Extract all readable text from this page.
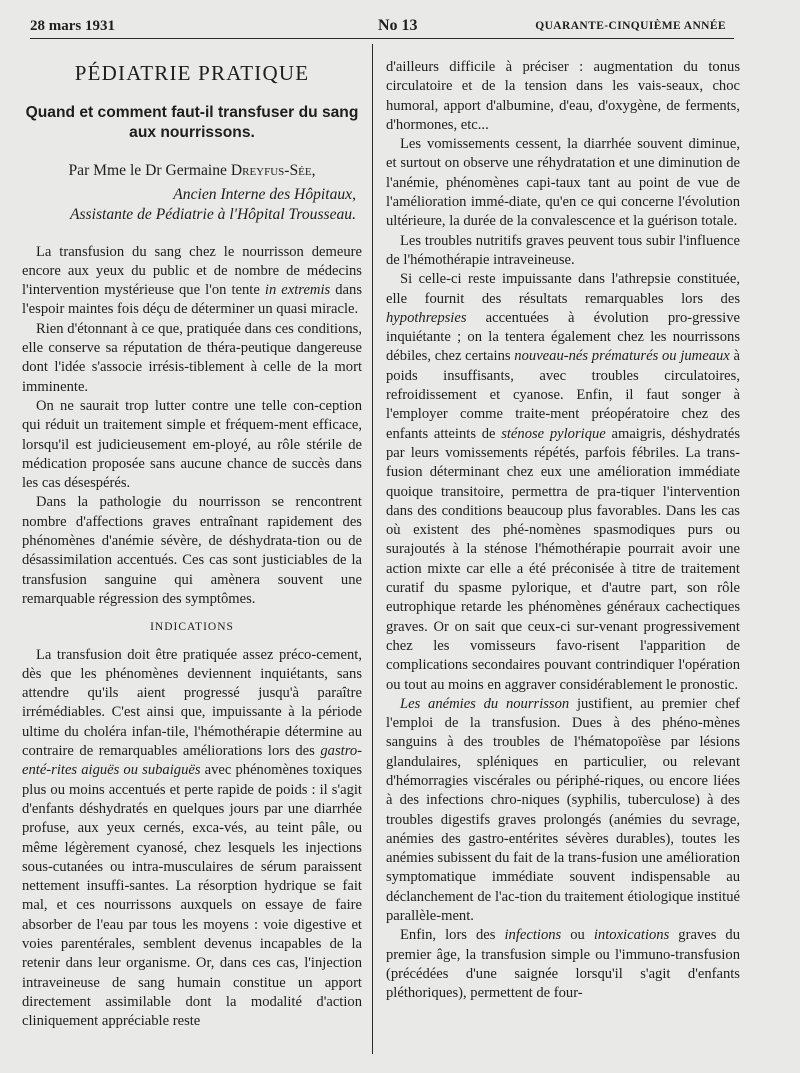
28 mars 1931	No 13	QUARANTE-CINQUIÈME ANNÉE
PÉDIATRIE PRATIQUE
Quand et comment faut-il transfuser du sang aux nourrissons.
Par Mme le Dr Germaine Dreyfus-Sée,
Ancien Interne des Hôpitaux,
Assistante de Pédiatrie à l'Hôpital Trousseau.

La transfusion du sang chez le nourrisson demeure encore aux yeux du public et de nombre de médecins l'intervention mystérieuse que l'on tente in extremis dans l'espoir maintes fois déçu de déterminer un quasi miracle.

Rien d'étonnant à ce que, pratiquée dans ces conditions, elle conserve sa réputation de théra-peutique dangereuse dont l'idée s'associe irrésis-tiblement à celle de la mort imminente.

On ne saurait trop lutter contre une telle con-ception qui réduit un traitement simple et fréquem-ment efficace, lorsqu'il est judicieusement em-ployé, au rôle stérile de médication proposée sans aucune chance de succès dans les cas désespérés.

Dans la pathologie du nourrisson se rencontrent nombre d'affections graves entraînant rapidement des phénomènes d'anémie sévère, de déshydrata-tion ou de désassimilation accentués. Ces cas sont justiciables de la transfusion sanguine qui amènera souvent une remarquable régression des symptômes.

INDICATIONS

La transfusion doit être pratiquée assez préco-cement, dès que les phénomènes deviennent inquiétants, sans attendre qu'ils aient progressé jusqu'à paraître irrémédiables. C'est ainsi que, impuissante à la période ultime du choléra infan-tile, l'hémothérapie détermine au contraire de remarquables améliorations lors des gastro-enté-rites aiguës ou subaiguës avec phénomènes toxiques plus ou moins accentués et perte rapide de poids : il s'agit d'enfants déshydratés en quelques jours par une diarrhée profuse, aux yeux cernés, exca-vés, au teint pâle, ou même légèrement cyanosé, chez lesquels les injections sous-cutanées ou intra-musculaires de sérum paraissent nettement insuffi-santes. La résorption hydrique se fait mal, et ces nourrissons auxquels on essaye de faire absorber de l'eau par tous les moyens : voie digestive et voies parentérales, semblent devenus incapables de la retenir dans leur organisme. Or, dans ces cas, l'injection intraveineuse de sang humain constitue un apport directement assimilable dont la modalité d'action cliniquement appréciable reste

d'ailleurs difficile à préciser : augmentation du tonus circulatoire et de la tension dans les vais-seaux, choc humoral, apport d'albumine, d'eau, d'oxygène, de ferments, d'hormones, etc...

Les vomissements cessent, la diarrhée souvent diminue, et surtout on observe une réhydratation et une diminution de l'anémie, phénomènes capi-taux tant au point de vue de l'amélioration immé-diate, qu'en ce qui concerne l'évolution ultérieure, la durée de la convalescence et la guérison totale.

Les troubles nutritifs graves peuvent tous subir l'influence de l'hémothérapie intraveineuse.

Si celle-ci reste impuissante dans l'athrepsie constituée, elle fournit des résultats remarquables lors des hypothrepsies accentuées à évolution pro-gressive inquiétante ; on la tentera également chez les nourrissons débiles, chez certains nouveau-nés prématurés ou jumeaux à poids insuffisants, avec troubles circulatoires, refroidissement et cyanose. Enfin, il faut songer à l'employer comme traite-ment préopératoire chez des enfants atteints de sténose pylorique amaigris, déshydratés par leurs vomissements répétés, parfois fébriles. La trans-fusion déterminant chez eux une amélioration immédiate quoique transitoire, permettra de pra-tiquer l'intervention dans des conditions beaucoup plus favorables. Dans les cas où existent des phé-nomènes spasmodiques purs ou surajoutés à la sténose l'hémothérapie pourrait avoir une action mixte car elle a été préconisée à titre de traitement curatif du spasme pylorique, et d'autre part, son rôle eutrophique retarde les phénomènes généraux cachectiques graves. Or on sait que ceux-ci sur-venant progressivement chez les vomisseurs favo-risent l'apparition de complications secondaires pouvant contrindiquer l'opération ou tout au moins en aggraver considérablement le pronostic.

Les anémies du nourrisson justifient, au premier chef l'emploi de la transfusion. Dues à des phéno-mènes sanguins à des troubles de l'hématopoïèse par lésions glandulaires, spléniques en particulier, ou relevant d'hémorragies viscérales ou périphé-riques, ou encore liées à des infections chro-niques (syphilis, tuberculose) à des troubles digestifs graves prolongés (anémies du sevrage, anémies des gastro-entérites sévères durables), toutes les anémies subissent du fait de la trans-fusion une amélioration symptomatique immédiate souvent indispensable au déclanchement de l'ac-tion du traitement étiologique institué parallèle-ment.

Enfin, lors des infections ou intoxications graves du premier âge, la transfusion simple ou l'immuno-transfusion (précédées d'une saignée lorsqu'il s'agit d'enfants pléthoriques), permettent de four-
